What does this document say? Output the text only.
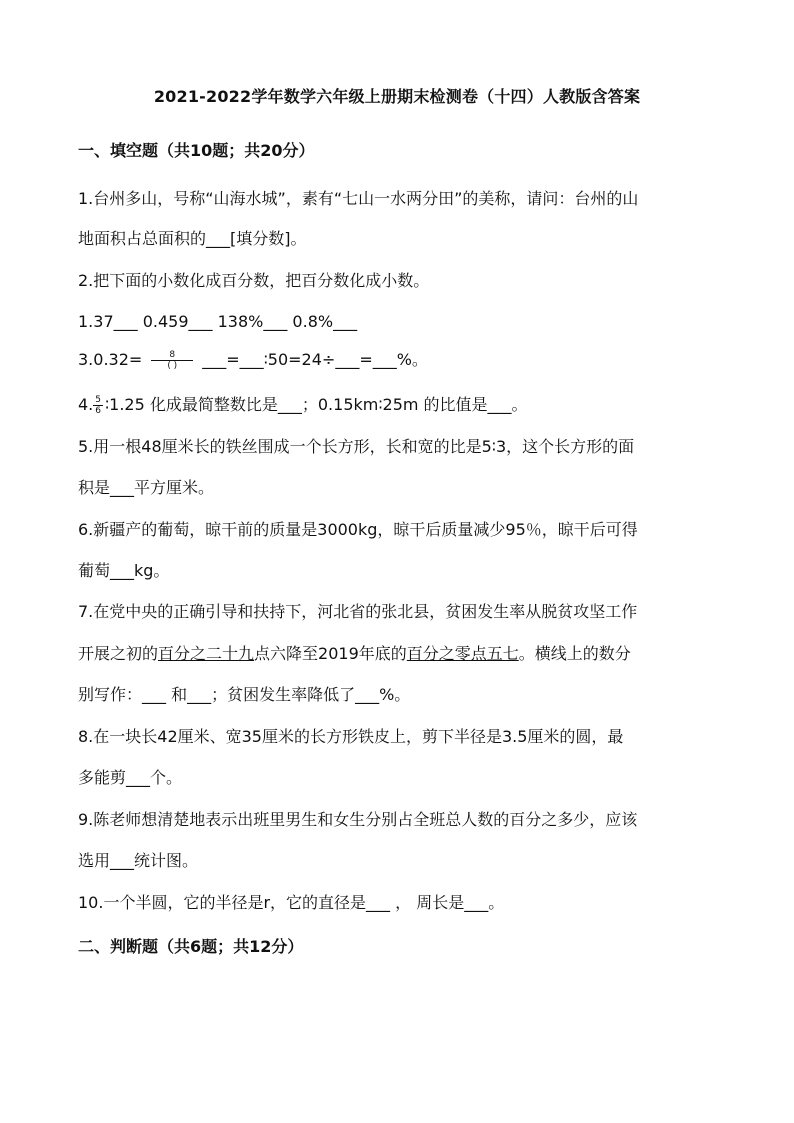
2021-2022学年数学六年级上册期末检测卷（十四）人教版含答案
一、填空题（共10题；共20分）
1.台州多山，号称“山海水城”，素有“七山一水两分田”的美称，请问：台州的山
地面积占总面积的___[填分数]。
2.把下面的小数化成百分数，把百分数化成小数。
1.37___ 0.459___ 138%___ 0.8%___
$3.0.32= \frac{8}{( )}$ ___=___∶50=24÷___=___%。
4. $\frac{5}{6}$ ∶1.25 化成最简整数比是___；0.15km∶25m 的比值是___。
5.用一根48厘米长的铁丝围成一个长方形，长和宽的比是5∶3，这个长方形的面
积是___平方厘米。
6.新疆产的葡萄，晾干前的质量是3000kg，晾干后质量减少95％，晾干后可得
葡萄___kg。
7.在党中央的正确引导和扶持下，河北省的张北县，贫困发生率从脱贫攻坚工作
开展之初的百分之二十九点六降至2019年底的百分之零点五七。横线上的数分
别写作：___ 和___；贫困发生率降低了___%。
8.在一块长42厘米、宽35厘米的长方形铁皮上，剪下半径是3.5厘米的圆，最
多能剪___个。
9.陈老师想清楚地表示出班里男生和女生分别占全班总人数的百分之多少，应该
选用___统计图。
10.一个半圆，它的半径是r，它的直径是___ ， 周长是___。
二、判断题（共6题；共12分）
